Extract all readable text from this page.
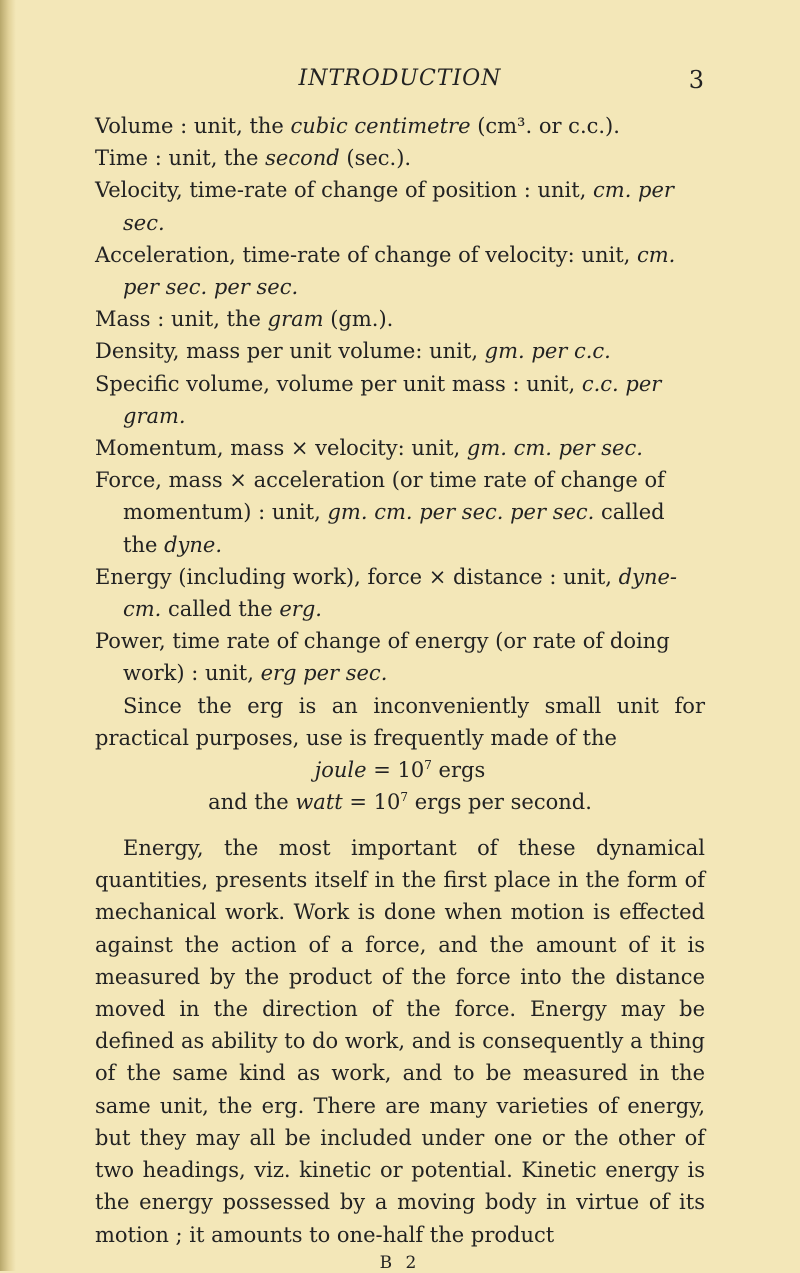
INTRODUCTION	3
Volume : unit, the cubic centimetre (cm³. or c.c.).
Time : unit, the second (sec.).
Velocity, time-rate of change of position : unit, cm. per sec.
Acceleration, time-rate of change of velocity: unit, cm. per sec. per sec.
Mass : unit, the gram (gm.).
Density, mass per unit volume: unit, gm. per c.c.
Specific volume, volume per unit mass : unit, c.c. per gram.
Momentum, mass × velocity: unit, gm. cm. per sec.
Force, mass × acceleration (or time rate of change of momentum) : unit, gm. cm. per sec. per sec. called the dyne.
Energy (including work), force × distance : unit, dyne-cm. called the erg.
Power, time rate of change of energy (or rate of doing work) : unit, erg per sec.

Since the erg is an inconveniently small unit for practical purposes, use is frequently made of the

joule = $10^7$ ergs
and the watt = $10^7$ ergs per second.

Energy, the most important of these dynamical quantities, presents itself in the first place in the form of mechanical work. Work is done when motion is effected against the action of a force, and the amount of it is measured by the product of the force into the distance moved in the direction of the force. Energy may be defined as ability to do work, and is consequently a thing of the same kind as work, and to be measured in the same unit, the erg. There are many varieties of energy, but they may all be included under one or the other of two headings, viz. kinetic or potential. Kinetic energy is the energy possessed by a moving body in virtue of its motion ; it amounts to one-half the product

B 2
